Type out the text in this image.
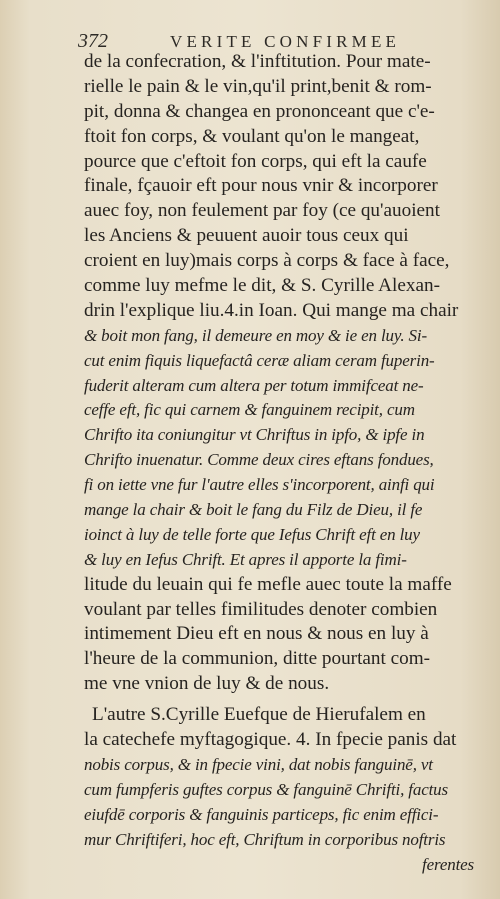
372	VERITE CONFIRMEE
de la confecration, & l'inftitution. Pour mate-
rielle le pain & le vin,qu'il print,benit & rom-
pit, donna & changea en prononceant que c'e-
ftoit fon corps, & voulant qu'on le mangeat,
pource que c'eftoit fon corps, qui eft la caufe
finale, fçauoir eft pour nous vnir & incorporer
auec foy, non feulement par foy (ce qu'auoient
les Anciens & peuuent auoir tous ceux qui
croient en luy)mais corps à corps & face à face,
comme luy mefme le dit, & S. Cyrille Alexan-
drin l'explique liu.4.in Ioan. Qui mange ma chair
& boit mon fang, il demeure en moy & ie en luy. Si-
cut enim fiquis liquefactâ ceræ aliam ceram fuperin-
fuderit alteram cum altera per totum immifceat ne-
ceffe eft, fic qui carnem & fanguinem recipit, cum
Chrifto ita coniungitur vt Chriftus in ipfo, & ipfe in
Chrifto inuenatur. Comme deux cires eftans fondues,
fi on iette vne fur l'autre elles s'incorporent, ainfi qui
mange la chair & boit le fang du Filz de Dieu, il fe
ioinct à luy de telle forte que Iefus Chrift eft en luy
& luy en Iefus Chrift. Et apres il apporte la fimi-
litude du leuain qui fe mefle auec toute la maffe
voulant par telles fimilitudes denoter combien
intimement Dieu eft en nous & nous en luy à
l'heure de la communion, ditte pourtant com-
me vne vnion de luy & de nous.
L'autre S.Cyrille Euefque de Hierufalem en
la catechefe myftagogique. 4. In fpecie panis dat
nobis corpus, & in fpecie vini, dat nobis fanguinē, vt
cum fumpferis guftes corpus & fanguinē Chrifti, factus
eiufdē corporis & fanguinis particeps, fic enim effici-
mur Chriftiferi, hoc eft, Chriftum in corporibus noftris
ferentes
